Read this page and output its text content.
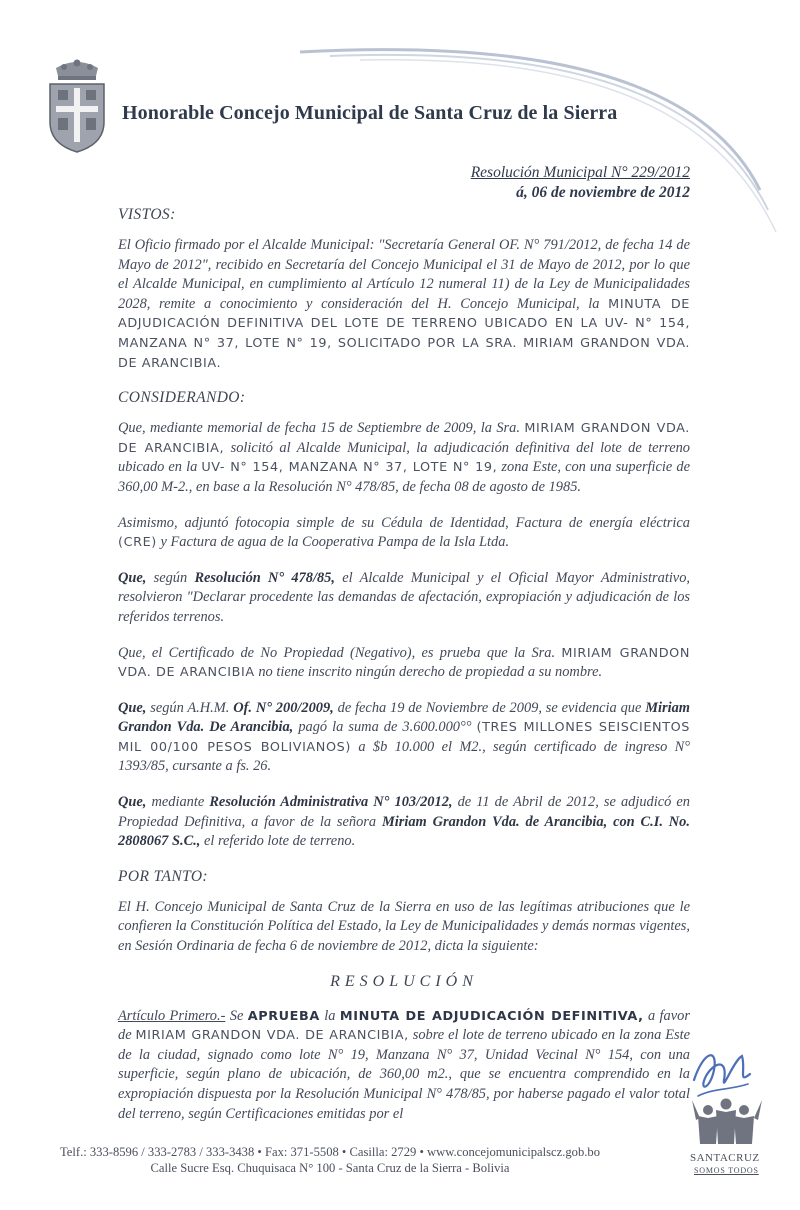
Honorable Concejo Municipal de Santa Cruz de la Sierra
Resolución Municipal N° 229/2012
á, 06 de noviembre de 2012

VISTOS:

El Oficio firmado por el Alcalde Municipal: "Secretaría General OF. N° 791/2012, de fecha 14 de Mayo de 2012", recibido en Secretaría del Concejo Municipal el 31 de Mayo de 2012, por lo que el Alcalde Municipal, en cumplimiento al Artículo 12 numeral 11) de la Ley de Municipalidades 2028, remite a conocimiento y consideración del H. Concejo Municipal, la MINUTA DE ADJUDICACIÓN DEFINITIVA DEL LOTE DE TERRENO UBICADO EN LA UV- N° 154, MANZANA N° 37, LOTE N° 19, SOLICITADO POR LA SRA. MIRIAM GRANDON VDA. DE ARANCIBIA.

CONSIDERANDO:

Que, mediante memorial de fecha 15 de Septiembre de 2009, la Sra. MIRIAM GRANDON VDA. DE ARANCIBIA, solicitó al Alcalde Municipal, la adjudicación definitiva del lote de terreno ubicado en la UV- N° 154, MANZANA N° 37, LOTE N° 19, zona Este, con una superficie de 360,00 M-2., en base a la Resolución N° 478/85, de fecha 08 de agosto de 1985.

Asimismo, adjuntó fotocopia simple de su Cédula de Identidad, Factura de energía eléctrica (CRE) y Factura de agua de la Cooperativa Pampa de la Isla Ltda.

Que, según Resolución N° 478/85, el Alcalde Municipal y el Oficial Mayor Administrativo, resolvieron "Declarar procedente las demandas de afectación, expropiación y adjudicación de los referidos terrenos.

Que, el Certificado de No Propiedad (Negativo), es prueba que la Sra. MIRIAM GRANDON VDA. DE ARANCIBIA no tiene inscrito ningún derecho de propiedad a su nombre.

Que, según A.H.M. Of. N° 200/2009, de fecha 19 de Noviembre de 2009, se evidencia que Miriam Grandon Vda. De Arancibia, pagó la suma de 3.600.000°° (TRES MILLONES SEISCIENTOS MIL 00/100 PESOS BOLIVIANOS) a $b 10.000 el M2., según certificado de ingreso N° 1393/85, cursante a fs. 26.

Que, mediante Resolución Administrativa N° 103/2012, de 11 de Abril de 2012, se adjudicó en Propiedad Definitiva, a favor de la señora Miriam Grandon Vda. de Arancibia, con C.I. No. 2808067 S.C., el referido lote de terreno.

POR TANTO:

El H. Concejo Municipal de Santa Cruz de la Sierra en uso de las legítimas atribuciones que le confieren la Constitución Política del Estado, la Ley de Municipalidades y demás normas vigentes, en Sesión Ordinaria de fecha 6 de noviembre de 2012, dicta la siguiente:

RESOLUCIÓN

Artículo Primero.- Se APRUEBA la MINUTA DE ADJUDICACIÓN DEFINITIVA, a favor de MIRIAM GRANDON VDA. DE ARANCIBIA, sobre el lote de terreno ubicado en la zona Este de la ciudad, signado como lote N° 19, Manzana N° 37, Unidad Vecinal N° 154, con una superficie, según plano de ubicación, de 360,00 m2., que se encuentra comprendido en la expropiación dispuesta por la Resolución Municipal N° 478/85, por haberse pagado el valor total del terreno, según Certificaciones emitidas por el

SANTACRUZ
SOMOS TODOS
Telf.: 333-8596 / 333-2783 / 333-3438 • Fax: 371-5508 • Casilla: 2729 • www.concejomunicipalscz.gob.bo
Calle Sucre Esq. Chuquisaca N° 100 - Santa Cruz de la Sierra - Bolivia
